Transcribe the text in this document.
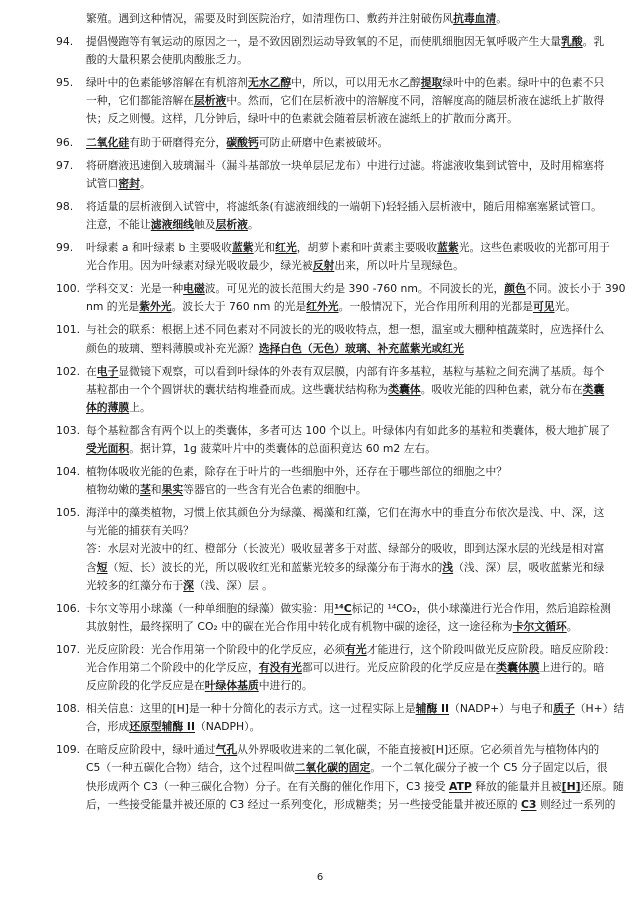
繁殖。遇到这种情况，需要及时到医院治疗，如清理伤口、敷药并注射破伤风抗毒血清。
94.	提倡慢跑等有氧运动的原因之一，是不致因剧烈运动导致氧的不足，而使肌细胞因无氧呼吸产生大量乳酸。乳
酸的大量积累会使肌肉酸胀乏力。
95.	绿叶中的色素能够溶解在有机溶剂无水乙醇中，所以，可以用无水乙醇提取绿叶中的色素。绿叶中的色素不只
一种，它们都能溶解在层析液中。然而，它们在层析液中的溶解度不同，溶解度高的随层析液在滤纸上扩散得
快；反之则慢。这样，几分钟后，绿叶中的色素就会随着层析液在滤纸上的扩散而分离开。
96.	二氧化硅有助于研磨得充分，碳酸钙可防止研磨中色素被破坏。
97.	将研磨液迅速倒入玻璃漏斗（漏斗基部放一块单层尼龙布）中进行过滤。将滤液收集到试管中，及时用棉塞将
试管口密封。
98.	将适量的层析液倒入试管中，将滤纸条(有滤液细线的一端朝下)轻轻插入层析液中，随后用棉塞塞紧试管口。
注意，不能让滤液细线触及层析液。
99.	叶绿素 a 和叶绿素 b 主要吸收蓝紫光和红光，胡萝卜素和叶黄素主要吸收蓝紫光。这些色素吸收的光都可用于
光合作用。因为叶绿素对绿光吸收最少，绿光被反射出来，所以叶片呈现绿色。
100. 学科交叉：光是一种电磁波。可见光的波长范围大约是 390 -760 nm。不同波长的光，颜色不同。波长小于 390
nm 的光是紫外光。波长大于 760 nm 的光是红外光。一般情况下，光合作用所利用的光都是可见光。
101. 与社会的联系：根据上述不同色素对不同波长的光的吸收特点，想一想，温室或大棚种植蔬菜时，应选择什么
颜色的玻璃、塑料薄膜或补充光源？选择白色（无色）玻璃、补充蓝紫光或红光
102. 在电子显微镜下观察，可以看到叶绿体的外表有双层膜，内部有许多基粒，基粒与基粒之间充满了基质。每个
基粒都由一个个圆饼状的囊状结构堆叠而成。这些囊状结构称为类囊体。吸收光能的四种色素，就分布在类囊
体的薄膜上。
103. 每个基粒都含有两个以上的类囊体，多者可达 100 个以上。叶绿体内有如此多的基粒和类囊体，极大地扩展了
受光面积。据计算，1g 菠菜叶片中的类囊体的总面积竟达 60 m2 左右。
104. 植物体吸收光能的色素，除存在于叶片的一些细胞中外，还存在于哪些部位的细胞之中？
植物幼嫩的茎和果实等器官的一些含有光合色素的细胞中。
105. 海洋中的藻类植物，习惯上依其颜色分为绿藻、褐藻和红藻，它们在海水中的垂直分布依次是浅、中、深，这
与光能的捕获有关吗？
答：水层对光波中的红、橙部分（长波光）吸收显著多于对蓝、绿部分的吸收，即到达深水层的光线是相对富
含短（短、长）波长的光，所以吸收红光和蓝紫光较多的绿藻分布于海水的浅（浅、深）层，吸收蓝紫光和绿
光较多的红藻分布于深（浅、深）层 。
106. 卡尔文等用小球藻（一种单细胞的绿藻）做实验：用¹⁴C标记的 ¹⁴CO₂，供小球藻进行光合作用，然后追踪检测
其放射性，最终探明了 CO₂ 中的碳在光合作用中转化成有机物中碳的途径，这一途径称为卡尔文循环。
107. 光反应阶段：光合作用第一个阶段中的化学反应，必须有光才能进行，这个阶段叫做光反应阶段。暗反应阶段：
光合作用第二个阶段中的化学反应，有没有光都可以进行。光反应阶段的化学反应是在类囊体膜上进行的。暗
反应阶段的化学反应是在叶绿体基质中进行的。
108. 相关信息：这里的[H]是一种十分简化的表示方式。这一过程实际上是辅酶 II（NADP+）与电子和质子（H+）结
合，形成还原型辅酶 II（NADPH）。
109. 在暗反应阶段中，绿叶通过气孔从外界吸收进来的二氧化碳，不能直接被[H]还原。它必须首先与植物体内的
C5（一种五碳化合物）结合，这个过程叫做二氧化碳的固定。一个二氧化碳分子被一个 C5 分子固定以后，很
快形成两个 C3（一种三碳化合物）分子。在有关酶的催化作用下，C3 接受 ATP 释放的能量并且被[H]还原。随
后，一些接受能量并被还原的 C3 经过一系列变化，形成糖类；另一些接受能量并被还原的 C3 则经过一系列的
6
